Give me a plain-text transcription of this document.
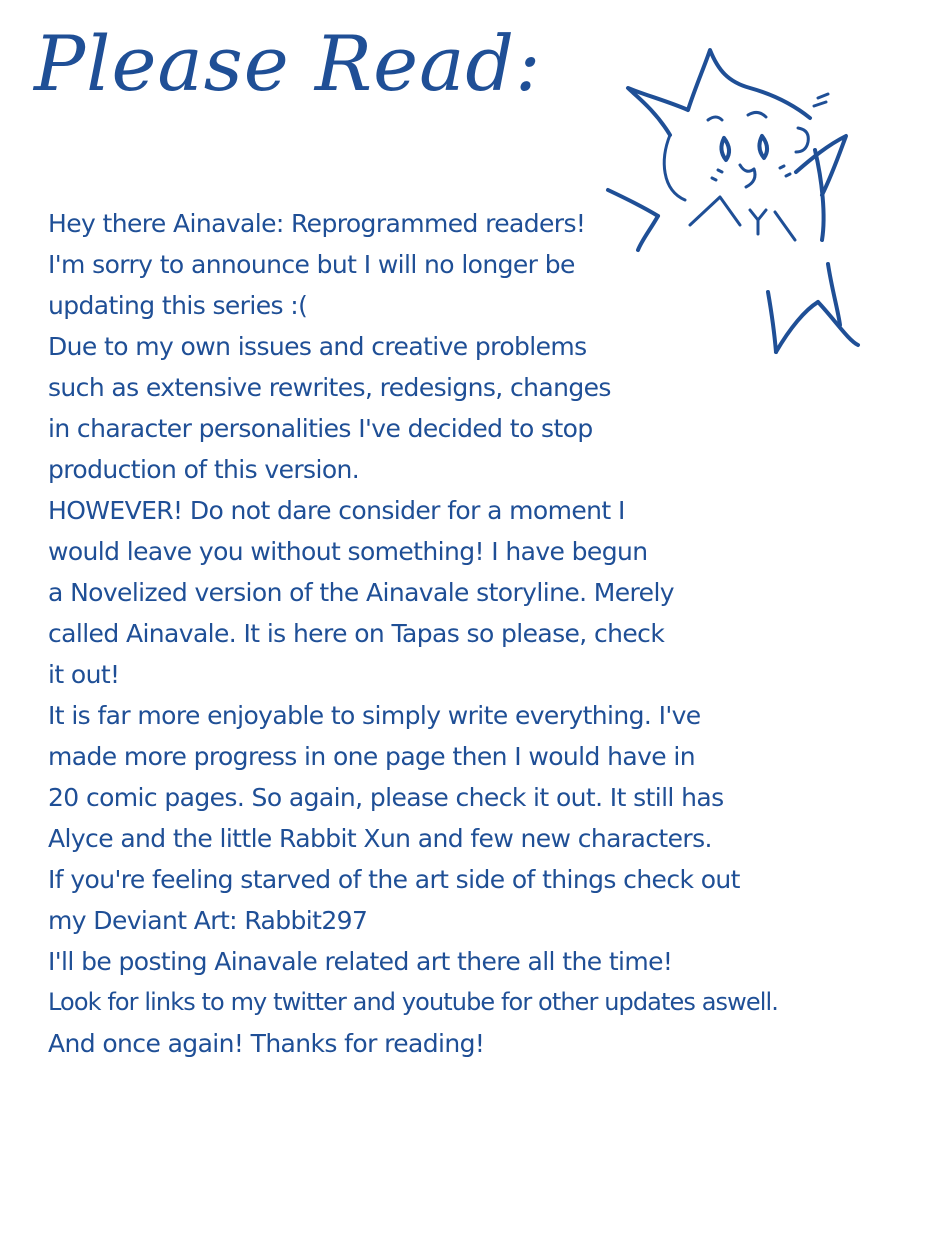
Please Read:
Hey there Ainavale: Reprogrammed readers!
I'm sorry to announce but I will no longer be
updating this series :(
Due to my own issues and creative problems
such as extensive rewrites, redesigns, changes
in character personalities I've decided to stop
production of this version.
HOWEVER! Do not dare consider for a moment I
would leave you without something! I have begun
a Novelized version of the Ainavale storyline. Merely
called Ainavale. It is here on Tapas so please, check
it out!
It is far more enjoyable to simply write everything. I've
made more progress in one page then I would have in
20 comic pages. So again, please check it out. It still has
Alyce and the little Rabbit Xun and few new characters.
If you're feeling starved of the art side of things check out
my Deviant Art: Rabbit297
I'll be posting Ainavale related art there all the time!
Look for links to my twitter and youtube for other updates aswell.
And once again! Thanks for reading!
